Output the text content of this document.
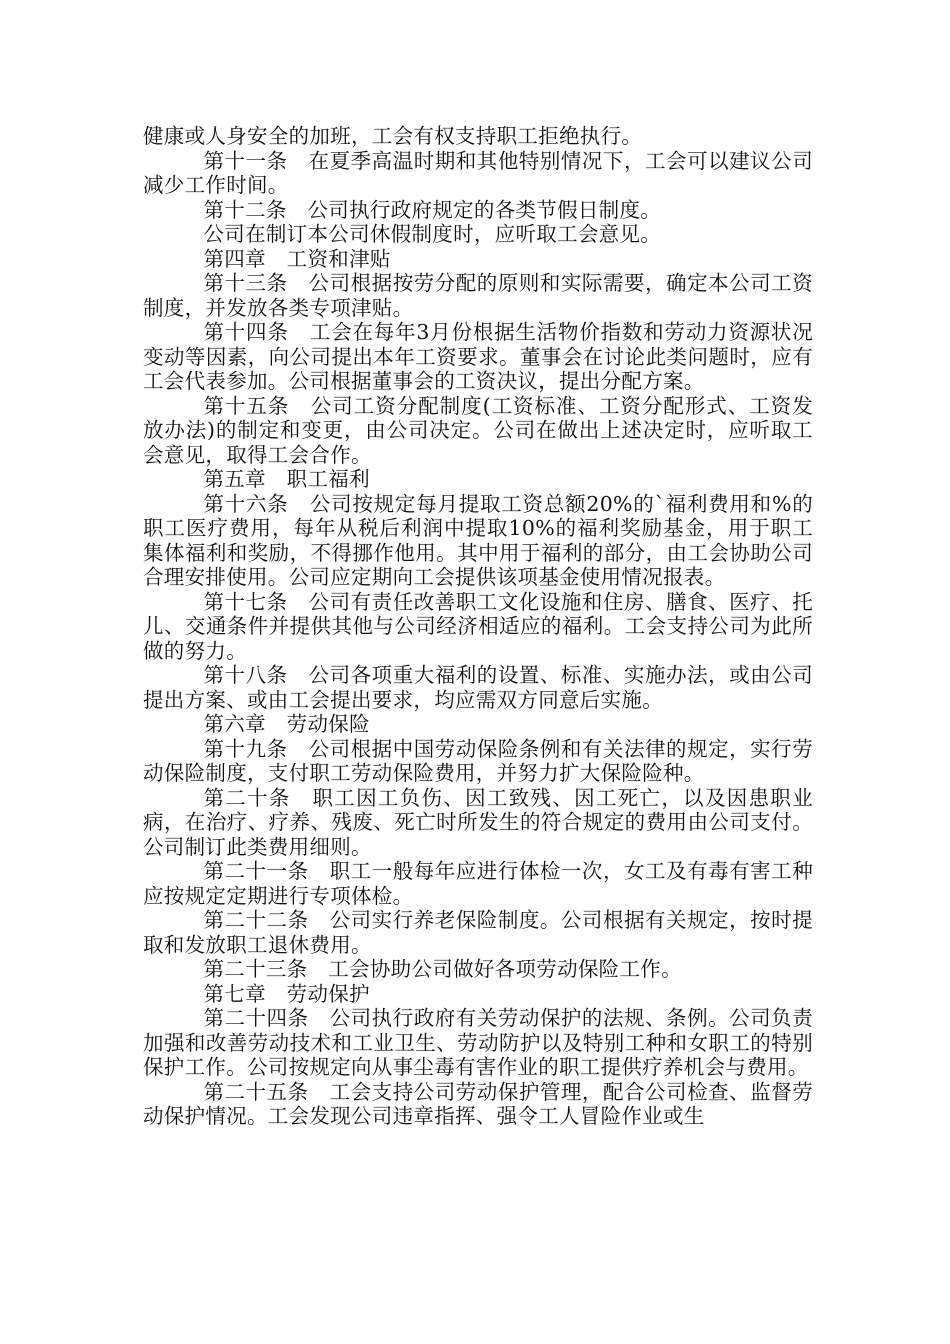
健康或人身安全的加班，工会有权支持职工拒绝执行。

第十一条　在夏季高温时期和其他特别情况下，工会可以建议公司减少工作时间。

第十二条　公司执行政府规定的各类节假日制度。

公司在制订本公司休假制度时，应听取工会意见。

第四章　工资和津贴

第十三条　公司根据按劳分配的原则和实际需要，确定本公司工资制度，并发放各类专项津贴。

第十四条　工会在每年3月份根据生活物价指数和劳动力资源状况变动等因素，向公司提出本年工资要求。董事会在讨论此类问题时，应有工会代表参加。公司根据董事会的工资决议，提出分配方案。

第十五条　公司工资分配制度(工资标准、工资分配形式、工资发放办法)的制定和变更，由公司决定。公司在做出上述决定时，应听取工会意见，取得工会合作。

第五章　职工福利

第十六条　公司按规定每月提取工资总额20%的`福利费用和%的职工医疗费用，每年从税后利润中提取10%的福利奖励基金，用于职工集体福利和奖励，不得挪作他用。其中用于福利的部分，由工会协助公司合理安排使用。公司应定期向工会提供该项基金使用情况报表。

第十七条　公司有责任改善职工文化设施和住房、膳食、医疗、托儿、交通条件并提供其他与公司经济相适应的福利。工会支持公司为此所做的努力。

第十八条　公司各项重大福利的设置、标准、实施办法，或由公司提出方案、或由工会提出要求，均应需双方同意后实施。

第六章　劳动保险

第十九条　公司根据中国劳动保险条例和有关法律的规定，实行劳动保险制度，支付职工劳动保险费用，并努力扩大保险险种。

第二十条　职工因工负伤、因工致残、因工死亡，以及因患职业病，在治疗、疗养、残废、死亡时所发生的符合规定的费用由公司支付。公司制订此类费用细则。

第二十一条　职工一般每年应进行体检一次，女工及有毒有害工种应按规定定期进行专项体检。

第二十二条　公司实行养老保险制度。公司根据有关规定，按时提取和发放职工退休费用。

第二十三条　工会协助公司做好各项劳动保险工作。

第七章　劳动保护

第二十四条　公司执行政府有关劳动保护的法规、条例。公司负责加强和改善劳动技术和工业卫生、劳动防护以及特别工种和女职工的特别保护工作。公司按规定向从事尘毒有害作业的职工提供疗养机会与费用。

第二十五条　工会支持公司劳动保护管理，配合公司检查、监督劳动保护情况。工会发现公司违章指挥、强令工人冒险作业或生
